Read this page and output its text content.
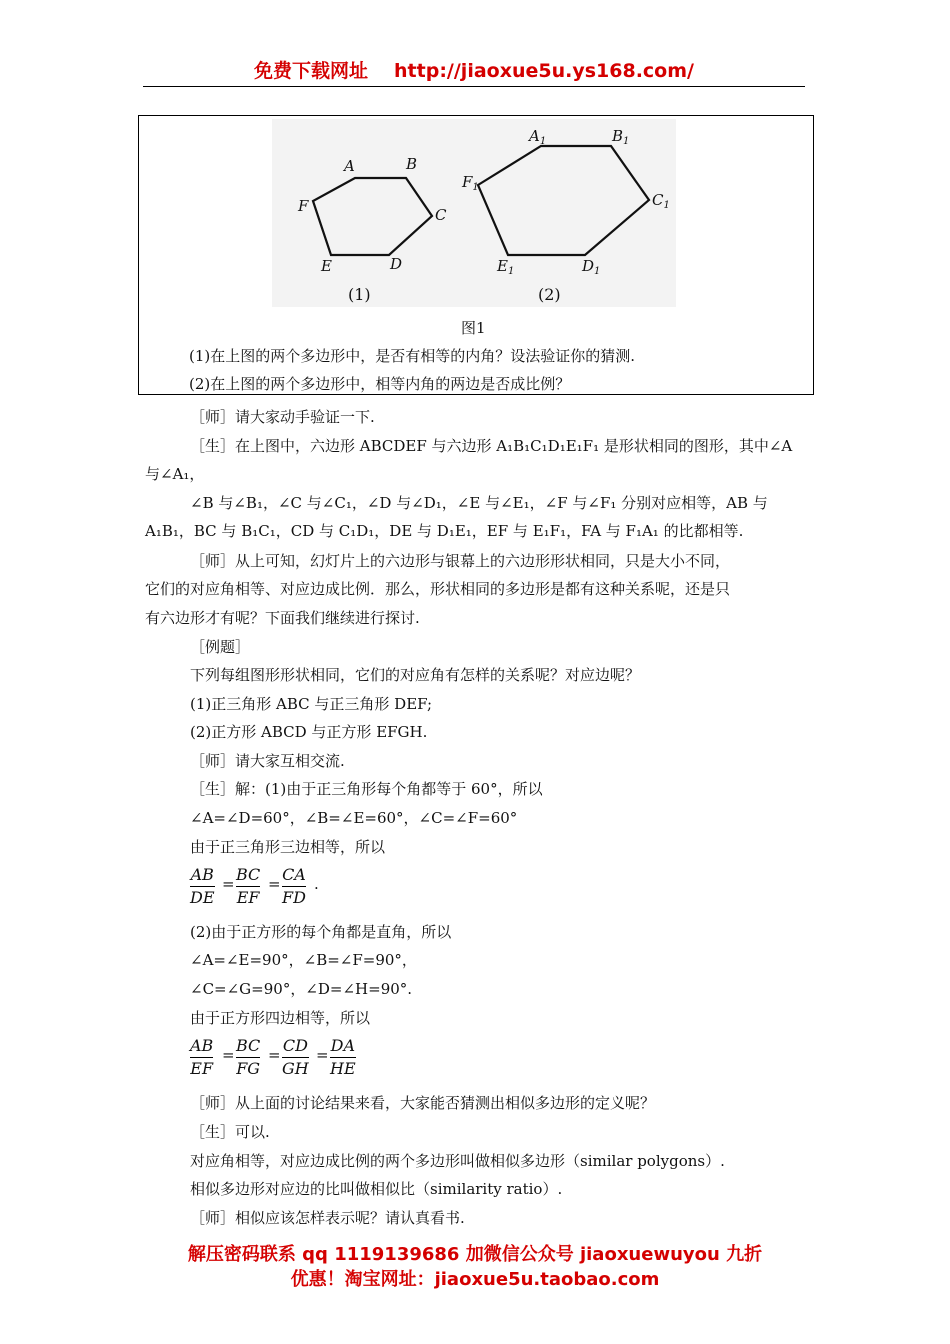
免费下载网址 http://jiaoxue5u.ys168.com/
A	B
C
D
E
F
$A_1$	$B_1$
$C_1$
$D_1$
$E_1$
$F_1$
(1)	(2)
图1
(1)在上图的两个多边形中，是否有相等的内角？设法验证你的猜测.
(2)在上图的两个多边形中，相等内角的两边是否成比例？
［师］请大家动手验证一下.
［生］在上图中，六边形 ABCDEF 与六边形 A₁B₁C₁D₁E₁F₁ 是形状相同的图形，其中∠A
与∠A₁，
∠B 与∠B₁，∠C 与∠C₁，∠D 与∠D₁，∠E 与∠E₁，∠F 与∠F₁ 分别对应相等，AB 与
A₁B₁，BC 与 B₁C₁，CD 与 C₁D₁，DE 与 D₁E₁，EF 与 E₁F₁，FA 与 F₁A₁ 的比都相等.
［师］从上可知，幻灯片上的六边形与银幕上的六边形形状相同，只是大小不同，
它们的对应角相等、对应边成比例．那么，形状相同的多边形是都有这种关系呢，还是只
有六边形才有呢？下面我们继续进行探讨.
［例题］
下列每组图形形状相同，它们的对应角有怎样的关系呢？对应边呢？
(1)正三角形 ABC 与正三角形 DEF;
(2)正方形 ABCD 与正方形 EFGH.
［师］请大家互相交流.
［生］解：(1)由于正三角形每个角都等于 60°，所以
∠A=∠D=60°，∠B=∠E=60°，∠C=∠F=60°
由于正三角形三边相等，所以
AB
DE
= BC
EF
= CA
FD
.
(2)由于正方形的每个角都是直角，所以
∠A=∠E=90°，∠B=∠F=90°，
∠C=∠G=90°，∠D=∠H=90°.
由于正方形四边相等，所以
AB
EF
= BC
FG
= CD
GH
= DA
HE
［师］从上面的讨论结果来看，大家能否猜测出相似多边形的定义呢？
［生］可以.
对应角相等，对应边成比例的两个多边形叫做相似多边形（similar polygons）.
相似多边形对应边的比叫做相似比（similarity ratio）.
［师］相似应该怎样表示呢？请认真看书.
解压密码联系 qq 1119139686 加微信公众号 jiaoxuewuyou 九折
优惠！淘宝网址：jiaoxue5u.taobao.com
